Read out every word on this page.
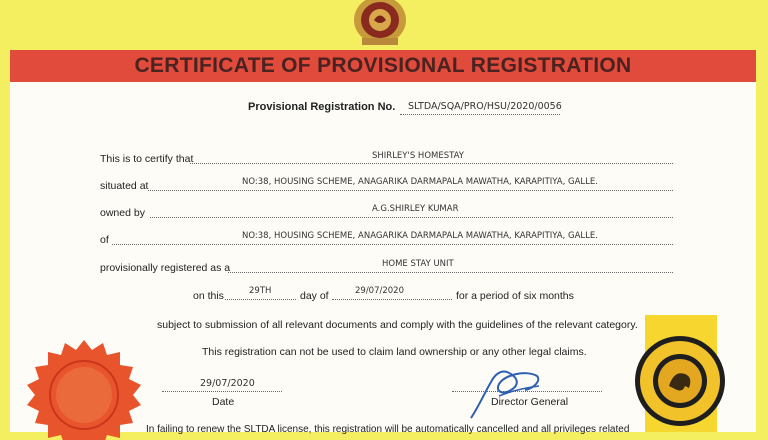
CERTIFICATE OF PROVISIONAL REGISTRATION
Provisional Registration No. SLTDA/SQA/PRO/HSU/2020/0056
This is to certify that	SHIRLEY'S HOMESTAY
situated at	NO:38, HOUSING SCHEME, ANAGARIKA DARMAPALA MAWATHA, KARAPITIYA, GALLE.
owned by	A.G.SHIRLEY KUMAR
of	NO:38, HOUSING SCHEME, ANAGARIKA DARMAPALA MAWATHA, KARAPITIYA, GALLE.
provisionally registered as a	HOME STAY UNIT
on this	29TH	day of	29/07/2020	for a period of six months
subject to submission of all relevant documents and comply with the guidelines of the relevant category.
This registration can not be used to claim land ownership or any other legal claims.
29/07/2020
Date	Director General
In failing to renew the SLTDA license, this registration will be automatically cancelled and all privileges related
